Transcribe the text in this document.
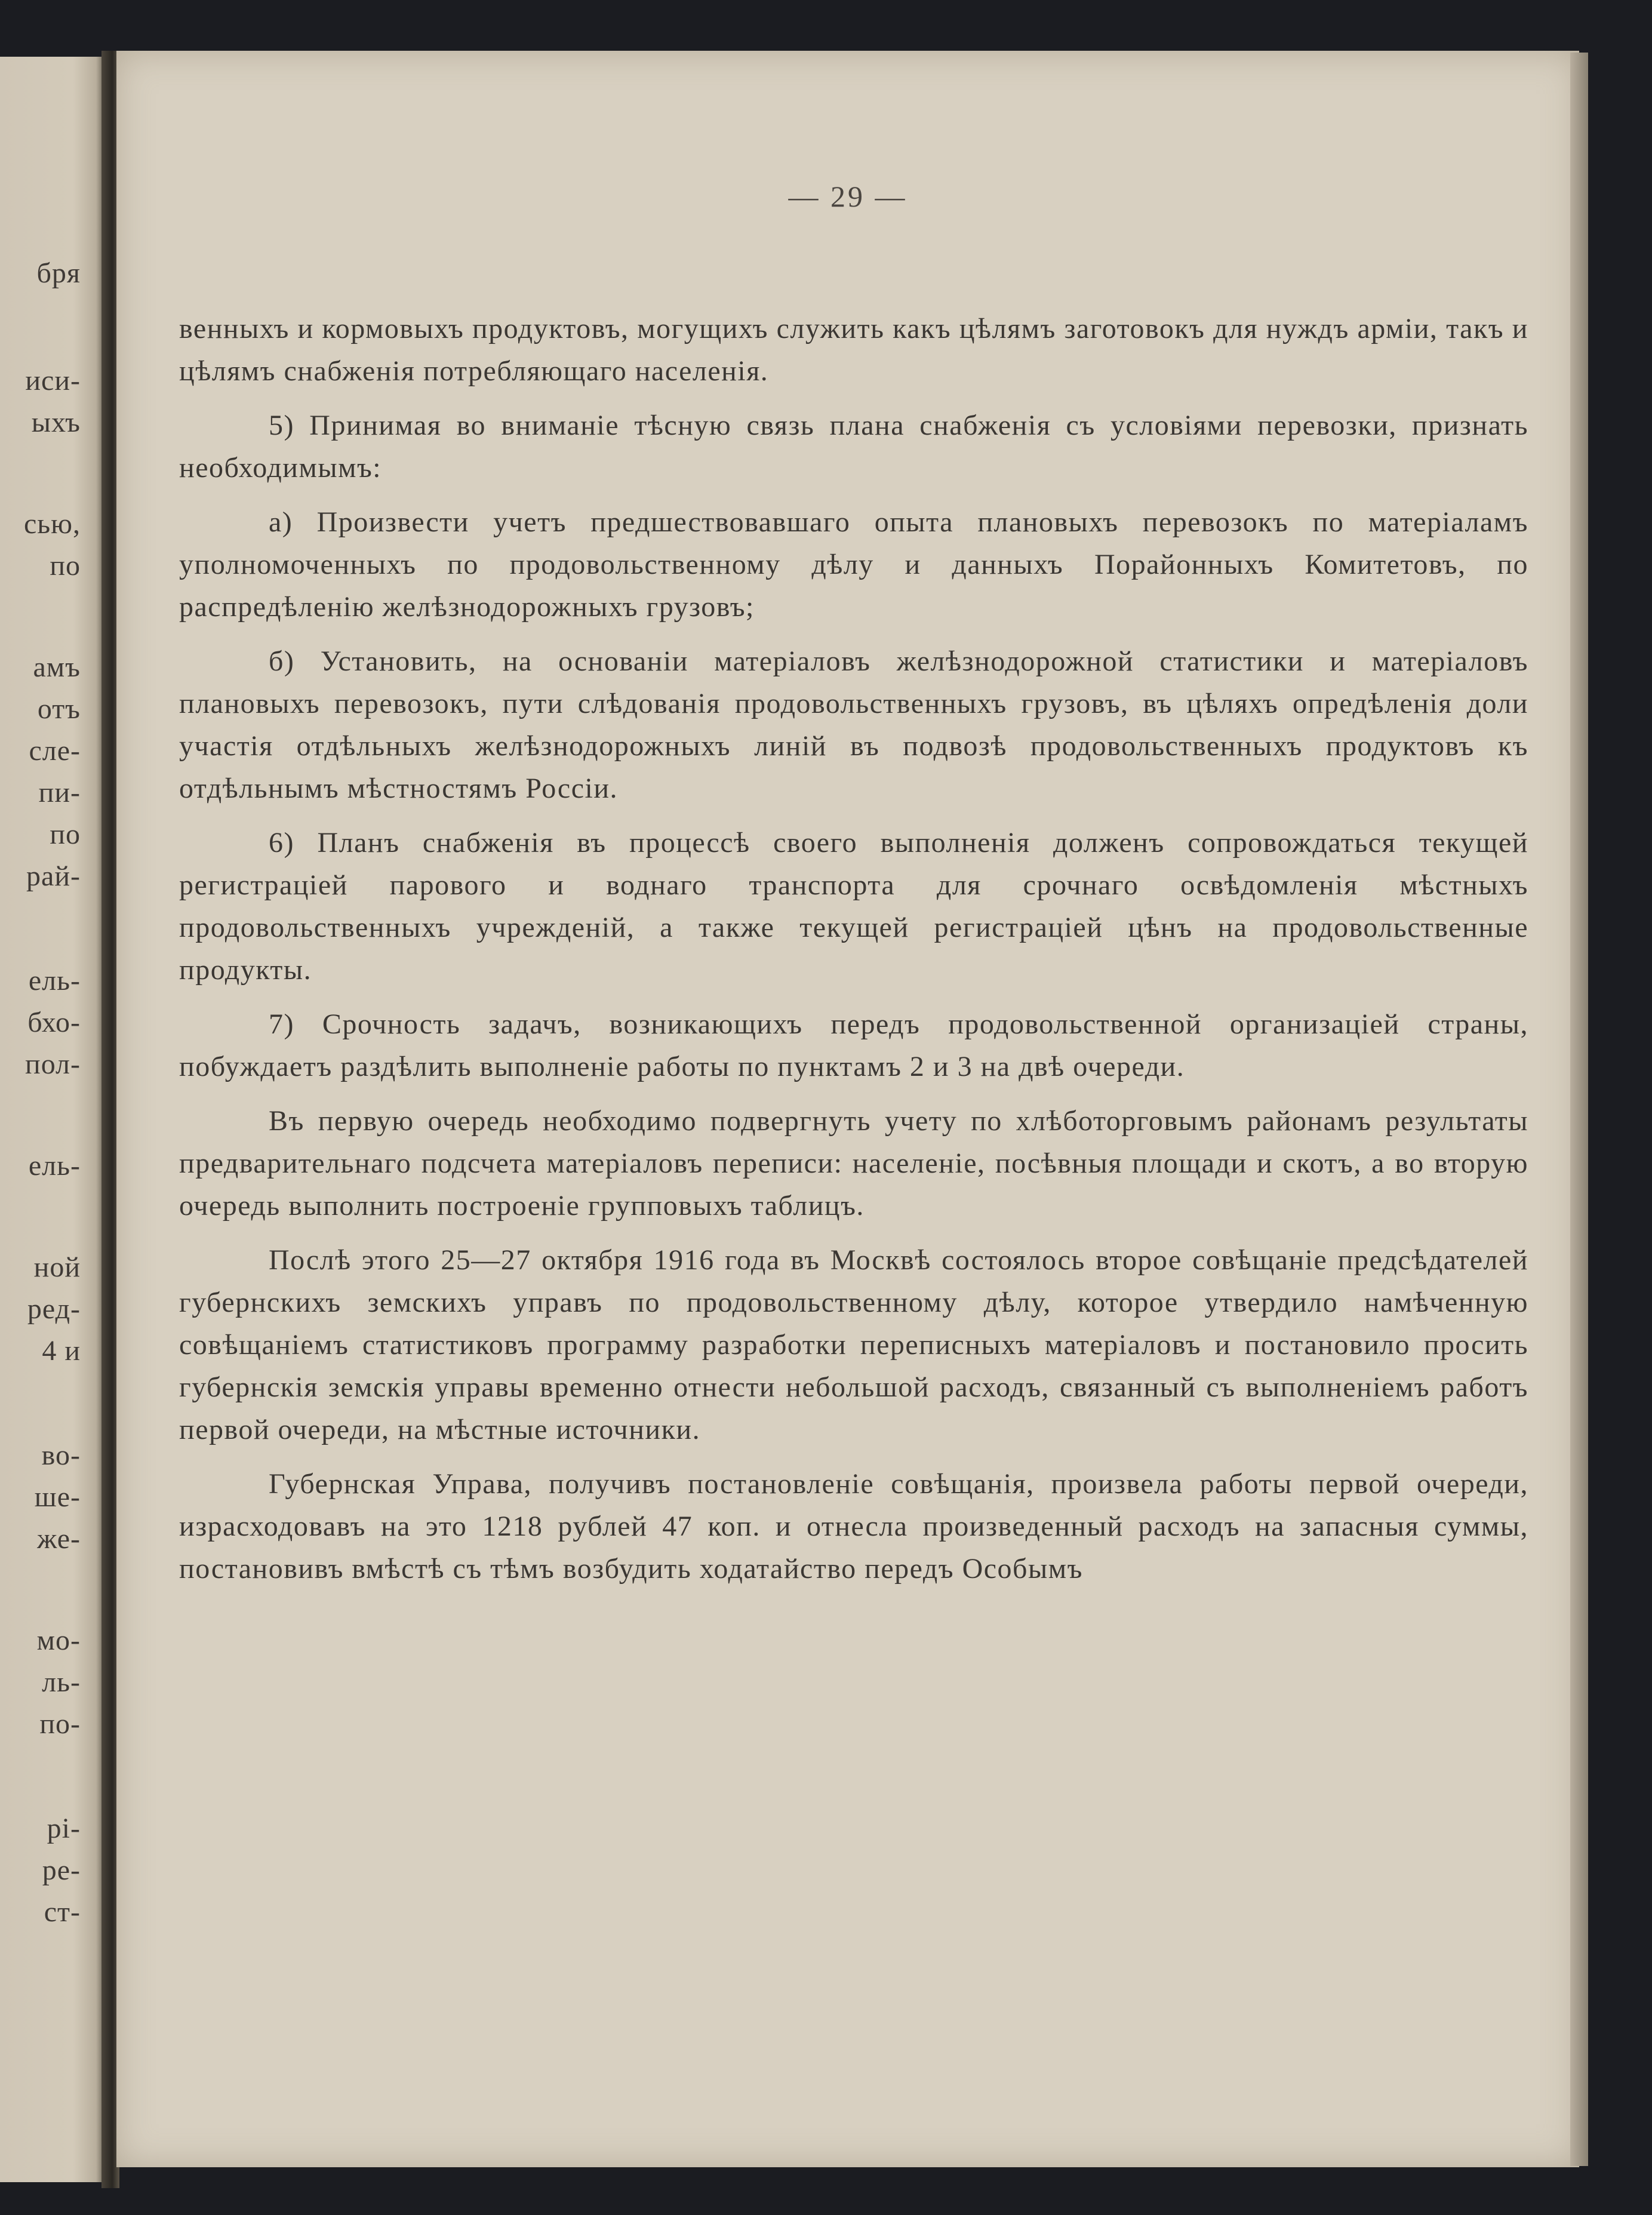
бря
иси-
ыхъ
сью,
по
амъ
отъ
сле-
пи-
по
рай-
ель-
бхо-
пол-
ель-
ной
ред-
4 и
во-
ше-
же-
мо-
ль-
по-
рі-
ре-
ст-
— 29 —

венныхъ и кормовыхъ продуктовъ, могущихъ служить какъ цѣлямъ заготовокъ для нуждъ арміи, такъ и цѣлямъ снабженія потребляющаго населенія.

5) Принимая во вниманіе тѣсную связь плана снабженія съ условіями перевозки, признать необходимымъ:

а) Произвести учетъ предшествовавшаго опыта плановыхъ перевозокъ по матеріаламъ уполномоченныхъ по продовольственному дѣлу и данныхъ Порайонныхъ Комитетовъ, по распредѣленію желѣзнодорожныхъ грузовъ;

б) Установить, на основаніи матеріаловъ желѣзнодорожной статистики и матеріаловъ плановыхъ перевозокъ, пути слѣдованія продовольственныхъ грузовъ, въ цѣляхъ опредѣленія доли участія отдѣльныхъ желѣзнодорожныхъ линій въ подвозѣ продовольственныхъ продуктовъ къ отдѣльнымъ мѣстностямъ Россіи.

6) Планъ снабженія въ процессѣ своего выполненія долженъ сопровождаться текущей регистраціей парового и воднаго транспорта для срочнаго освѣдомленія мѣстныхъ продовольственныхъ учрежденій, а также текущей регистраціей цѣнъ на продовольственные продукты.

7) Срочность задачъ, возникающихъ передъ продовольственной организаціей страны, побуждаетъ раздѣлить выполненіе работы по пунктамъ 2 и 3 на двѣ очереди.

Въ первую очередь необходимо подвергнуть учету по хлѣботорговымъ районамъ результаты предварительнаго подсчета матеріаловъ переписи: населеніе, посѣвныя площади и скотъ, а во вторую очередь выполнить построеніе групповыхъ таблицъ.

Послѣ этого 25—27 октября 1916 года въ Москвѣ состоялось второе совѣщаніе предсѣдателей губернскихъ земскихъ управъ по продовольственному дѣлу, которое утвердило намѣченную совѣщаніемъ статистиковъ программу разработки переписныхъ матеріаловъ и постановило просить губернскія земскія управы временно отнести небольшой расходъ, связанный съ выполненіемъ работъ первой очереди, на мѣстные источники.

Губернская Управа, получивъ постановленіе совѣщанія, произвела работы первой очереди, израсходовавъ на это 1218 рублей 47 коп. и отнесла произведенный расходъ на запасныя суммы, постановивъ вмѣстѣ съ тѣмъ возбудить ходатайство передъ Особымъ
